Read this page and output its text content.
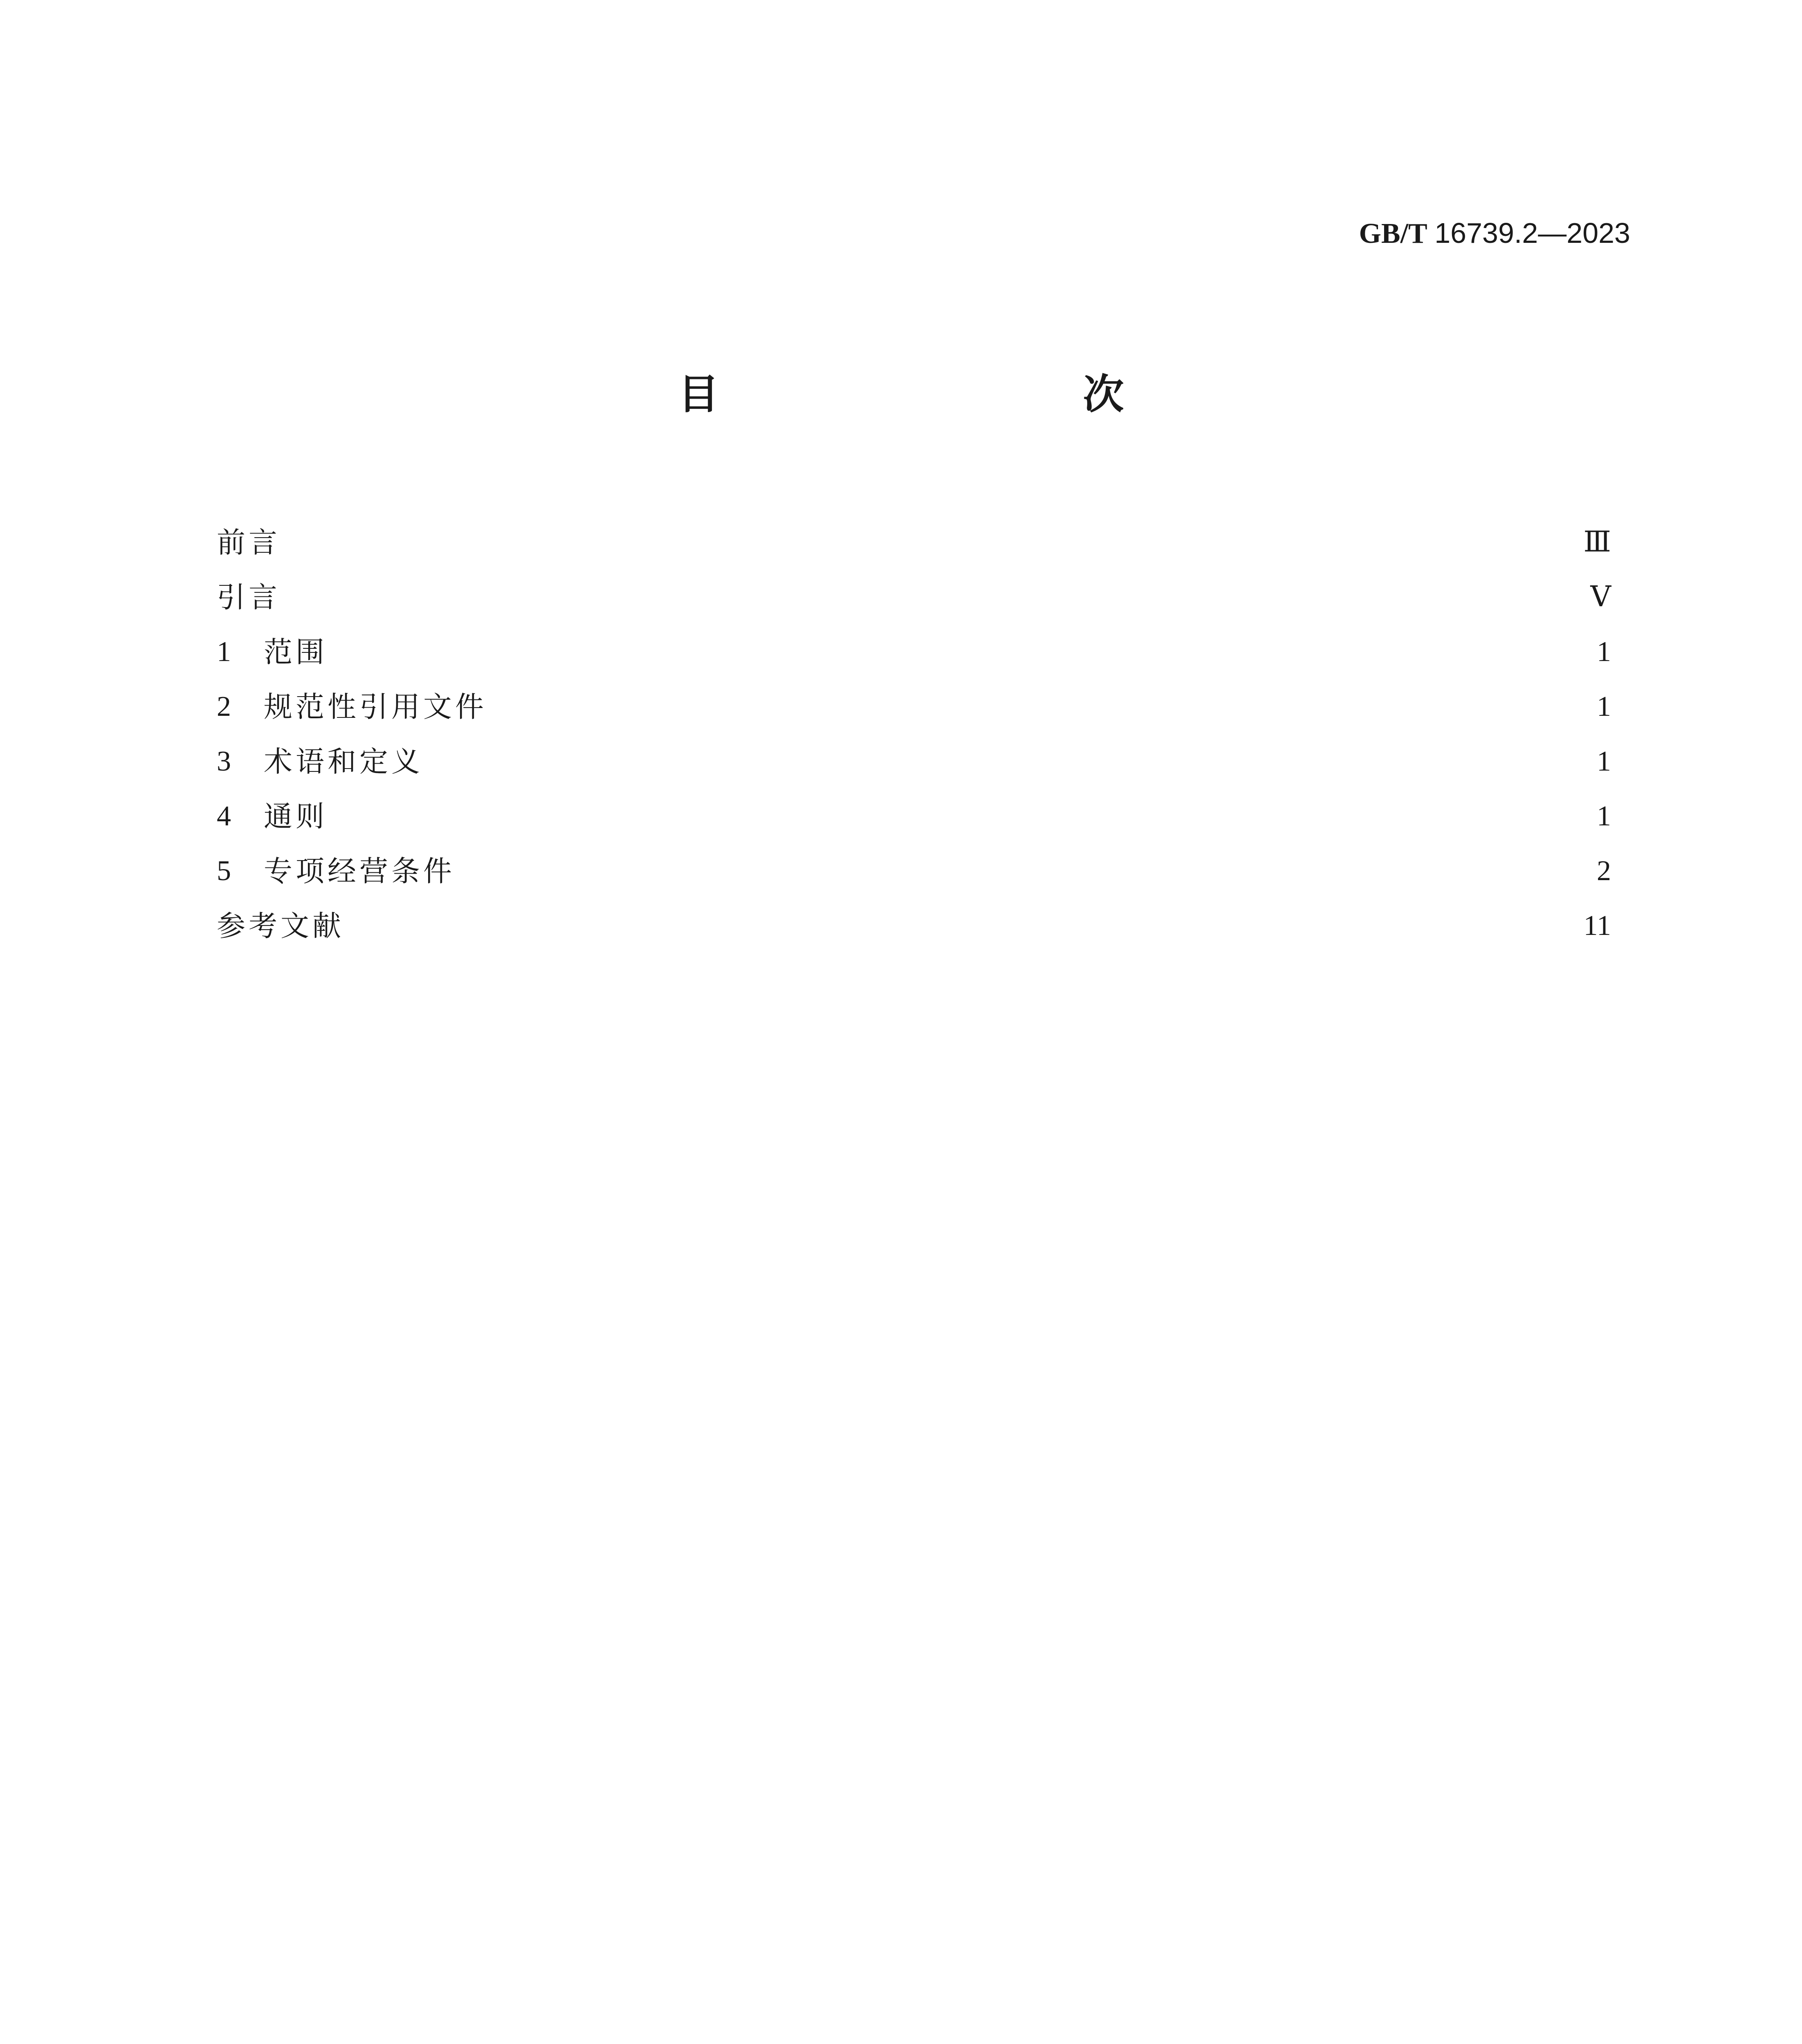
GB/T 16739.2—2023
目　　次
前言	Ⅲ
引言	Ⅴ
1	范围	1
2	规范性引用文件	1
3	术语和定义	1
4	通则	1
5	专项经营条件	2
参考文献	11
